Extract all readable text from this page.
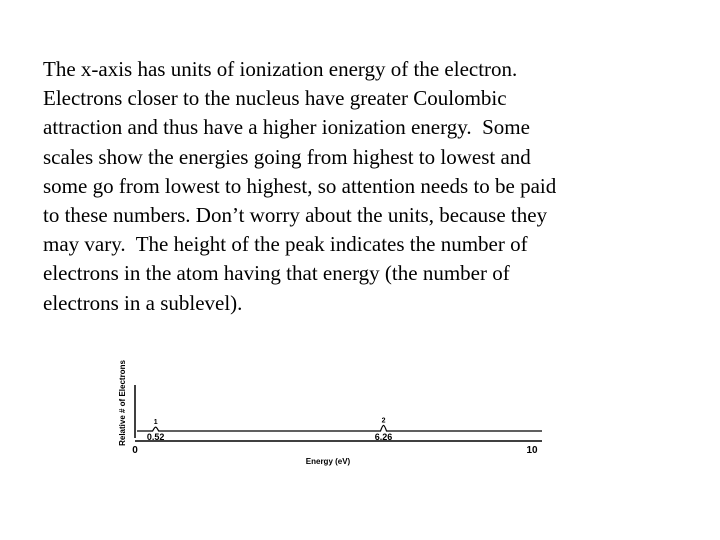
The x-axis has units of ionization energy of the electron.
Electrons closer to the nucleus have greater Coulombic
attraction and thus have a higher ionization energy.  Some
scales show the energies going from highest to lowest and
some go from lowest to highest, so attention needs to be paid
to these numbers. Don’t worry about the units, because they
may vary.  The height of the peak indicates the number of
electrons in the atom having that energy (the number of
electrons in a sublevel).
Relative # of Electrons	1
0.52
2
6.26
0	10
Energy (eV)
